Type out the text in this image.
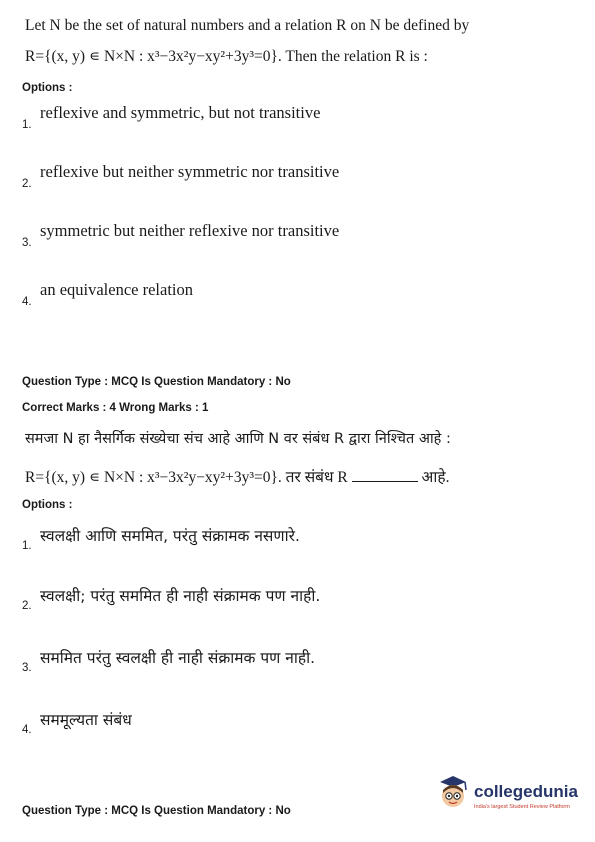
Let N be the set of natural numbers and a relation R on N be defined by
R={(x, y) ∊ N×N : x³−3x²y−xy²+3y³=0}. Then the relation R is :
Options :
1.
reflexive and symmetric, but not transitive
2.
reflexive but neither symmetric nor transitive
3.
symmetric but neither reflexive nor transitive
4.
an equivalence relation
Question Type : MCQ Is Question Mandatory : No
Correct Marks : 4 Wrong Marks : 1
समजा N हा नैसर्गिक संख्येचा संच आहे आणि N वर संबंध R द्वारा निश्चित आहे :
R={(x, y) ∊ N×N : x³−3x²y−xy²+3y³=0}. तर संबंध R	आहे.
Options :
1.
स्वलक्षी आणि सममित, परंतु संक्रामक नसणारे.
2.
स्वलक्षी; परंतु सममित ही नाही संक्रामक पण नाही.
3.
सममित परंतु स्वलक्षी ही नाही संक्रामक पण नाही.
4.
सममूल्यता संबंध
Question Type : MCQ Is Question Mandatory : No
collegedunia
India's largest Student Review Platform
